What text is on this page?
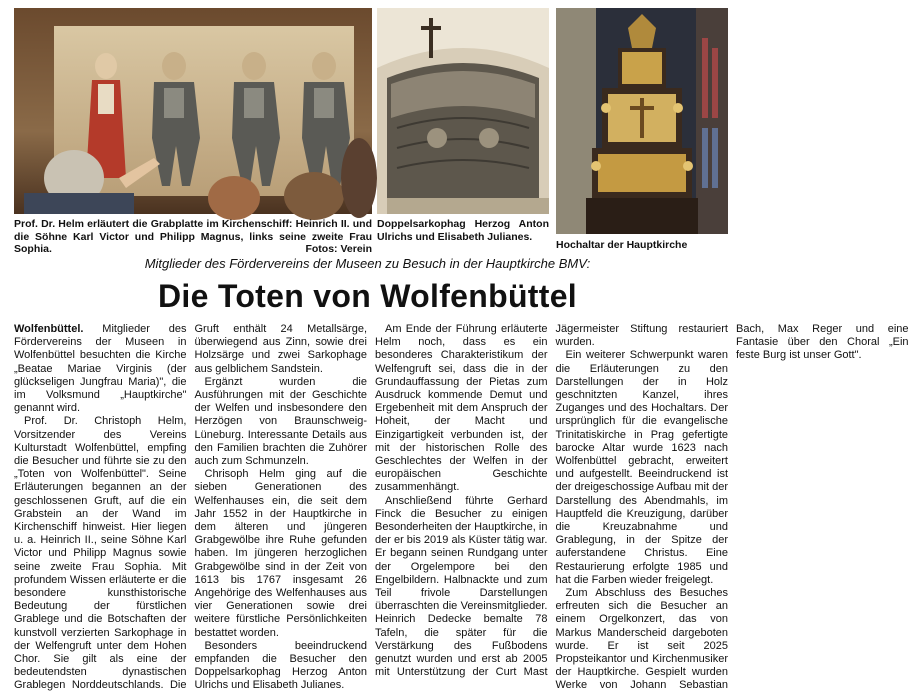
Prof. Dr. Helm erläutert die Grabplatte im Kirchenschiff: Heinrich II. und die Söhne Karl Victor und Philipp Magnus, links seine zweite Frau Sophia.	Fotos: Verein
Doppelsarkophag Herzog Anton Ulrichs und Elisabeth Julianes.
Hochaltar der Hauptkirche
Mitglieder des Fördervereins der Museen zu Besuch in der Hauptkirche BMV:
Die Toten von Wolfenbüttel

Wolfenbüttel. Mitglieder des Fördervereins der Museen in Wolfenbüttel besuchten die Kirche „Beatae Mariae Virginis (der glückseligen Jungfrau Maria)", die im Volksmund „Hauptkirche" genannt wird.

Prof. Dr. Christoph Helm, Vorsitzender des Vereins Kulturstadt Wolfenbüttel, empfing die Besucher und führte sie zu den „Toten von Wolfenbüttel". Seine Erläuterungen begannen an der geschlossenen Gruft, auf die ein Grabstein an der Wand im Kirchenschiff hinweist. Hier liegen u. a. Heinrich II., seine Söhne Karl Victor und Philipp Magnus sowie seine zweite Frau Sophia. Mit profundem Wissen erläuterte er die besondere kunsthistorische Bedeutung der fürstlichen Grablege und die Botschaften der kunstvoll verzierten Sarkophage in der Welfengruft unter dem Hohen Chor. Sie gilt als eine der bedeutendsten dynastischen Grablegen Norddeutschlands. Die Gruft enthält 24 Metallsärge, überwiegend aus Zinn, sowie drei Holzsärge und zwei Sarkophage aus gelblichem Sandstein.

Ergänzt wurden die Ausführungen mit der Geschichte der Welfen und insbesondere den Herzögen von Braunschweig-Lüneburg. Interessante Details aus den Familien brachten die Zuhörer auch zum Schmunzeln.

Chrisoph Helm ging auf die sieben Generationen des Welfenhauses ein, die seit dem Jahr 1552 in der Hauptkirche in dem älteren und jüngeren Grabgewölbe ihre Ruhe gefunden haben. Im jüngeren herzoglichen Grabgewölbe sind in der Zeit von 1613 bis 1767 insgesamt 26 Angehörige des Welfenhauses aus vier Generationen sowie drei weitere fürstliche Persönlichkeiten bestattet worden.

Besonders beeindruckend empfanden die Besucher den Doppelsarkophag Herzog Anton Ulrichs und Elisabeth Julianes.

Am Ende der Führung erläuterte Helm noch, dass es ein besonderes Charakteristikum der Welfengruft sei, dass die in der Grundauffassung der Pietas zum Ausdruck kommende Demut und Ergebenheit mit dem Anspruch der Hoheit, der Macht und Einzigartigkeit verbunden ist, der mit der historischen Rolle des Geschlechtes der Welfen in der europäischen Geschichte zusammenhängt.

Anschließend führte Gerhard Finck die Besucher zu einigen Besonderheiten der Hauptkirche, in der er bis 2019 als Küster tätig war. Er begann seinen Rundgang unter der Orgelempore bei den Engelbildern. Halbnackte und zum Teil frivole Darstellungen überraschten die Vereinsmitglieder. Heinrich Dedecke bemalte 78 Tafeln, die später für die Verstärkung des Fußbodens genutzt wurden und erst ab 2005 mit Unterstützung der Curt Mast Jägermeister Stiftung restauriert wurden.

Ein weiterer Schwerpunkt waren die Erläuterungen zu den Darstellungen der in Holz geschnitzten Kanzel, ihres Zuganges und des Hochaltars. Der ursprünglich für die evangelische Trinitatiskirche in Prag gefertigte barocke Altar wurde 1623 nach Wolfenbüttel gebracht, erweitert und aufgestellt. Beeindruckend ist der dreigeschossige Aufbau mit der Darstellung des Abendmahls, im Hauptfeld die Kreuzigung, darüber die Kreuzabnahme und Grablegung, in der Spitze der auferstandene Christus. Eine Restaurierung erfolgte 1985 und hat die Farben wieder freigelegt.

Zum Abschluss des Besuches erfreuten sich die Besucher an einem Orgelkonzert, das von Markus Manderscheid dargeboten wurde. Er ist seit 2025 Propsteikantor und Kirchenmusiker der Hauptkirche. Gespielt wurden Werke von Johann Sebastian Bach, Max Reger und eine Fantasie über den Choral „Ein feste Burg ist unser Gott".
